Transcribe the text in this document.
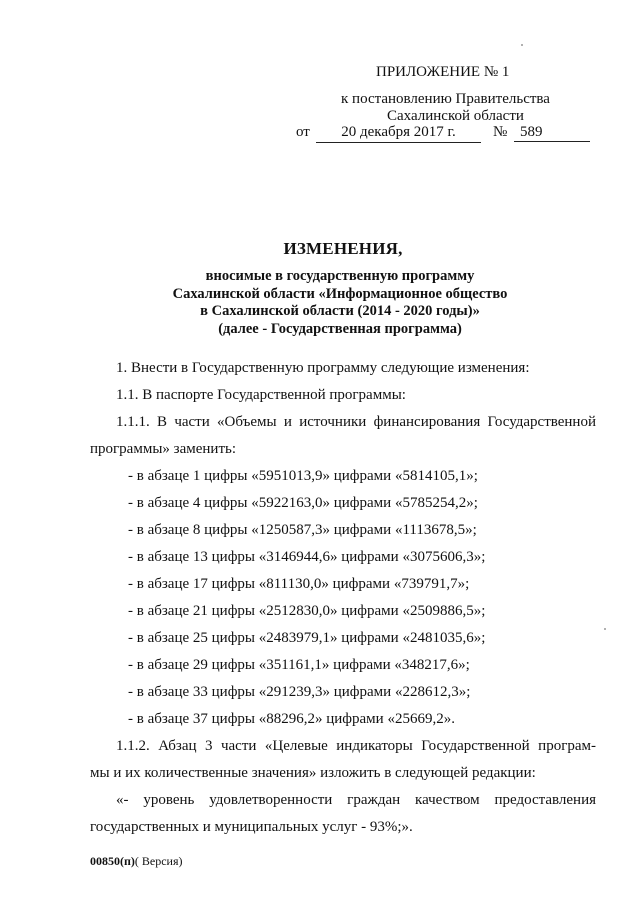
ПРИЛОЖЕНИЕ № 1
к постановлению Правительства
Сахалинской области
от	20 декабря 2017 г.	№ 589
ИЗМЕНЕНИЯ,
вносимые в государственную программу
Сахалинской области «Информационное общество
в Сахалинской области (2014 - 2020 годы)»
(далее - Государственная программа)

1. Внести в Государственную программу следующие изменения:

1.1. В паспорте Государственной программы:

1.1.1. В части «Объемы и источники финансирования Государственной

программы» заменить:

- в абзаце 1 цифры «5951013,9» цифрами «5814105,1»;

- в абзаце 4 цифры «5922163,0» цифрами «5785254,2»;

- в абзаце 8 цифры «1250587,3» цифрами «1113678,5»;

- в абзаце 13 цифры «3146944,6» цифрами «3075606,3»;

- в абзаце 17 цифры «811130,0» цифрами «739791,7»;

- в абзаце 21 цифры «2512830,0» цифрами «2509886,5»;

- в абзаце 25 цифры «2483979,1» цифрами «2481035,6»;

- в абзаце 29 цифры «351161,1» цифрами «348217,6»;

- в абзаце 33 цифры «291239,3» цифрами «228612,3»;

- в абзаце 37 цифры «88296,2» цифрами «25669,2».

1.1.2. Абзац 3 части «Целевые индикаторы Государственной програм-

мы и их количественные значения» изложить в следующей редакции:

«- уровень удовлетворенности граждан качеством предоставления

государственных и муниципальных услуг - 93%;».

00850(п)( Версия)
